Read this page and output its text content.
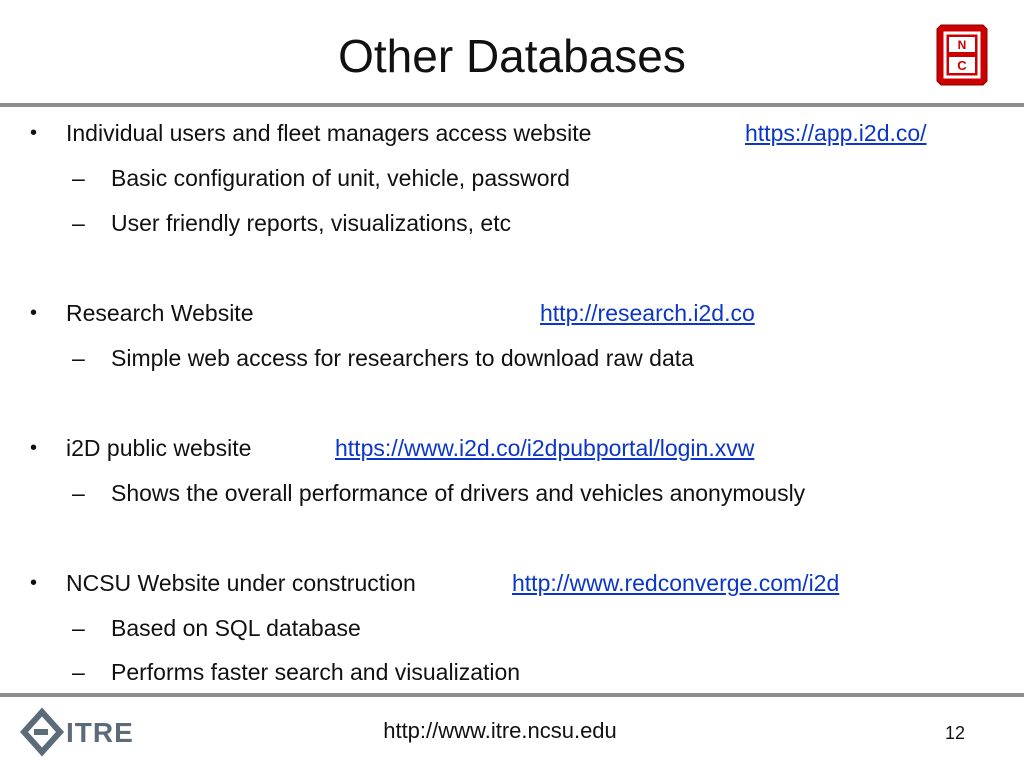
Other Databases	N
C
• Individual users and fleet managers access website	https://app.i2d.co/
– Basic configuration of unit, vehicle, password
– User friendly reports, visualizations, etc
• Research Website	http://research.i2d.co
– Simple web access for researchers to download raw data
• i2D public website	https://www.i2d.co/i2dpubportal/login.xvw
– Shows the overall performance of drivers and vehicles anonymously
• NCSU Website under construction	http://www.redconverge.com/i2d
– Based on SQL database
– Performs faster search and visualization
ITRE	http://www.itre.ncsu.edu	12
